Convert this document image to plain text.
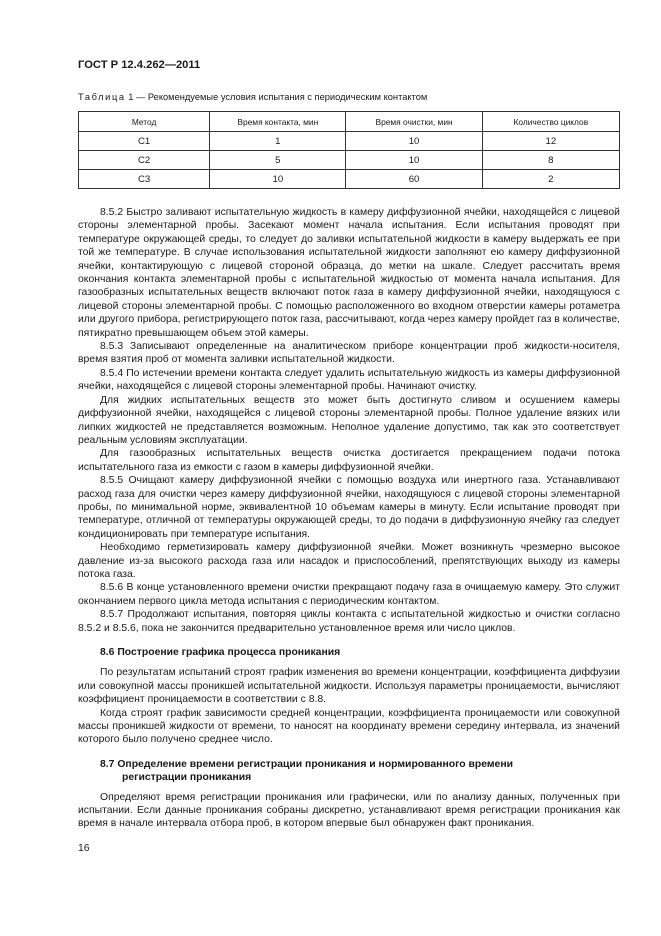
ГОСТ Р 12.4.262—2011
Таблица 1 — Рекомендуемые условия испытания с периодическим контактом
Метод	Время контакта, мин	Время очистки, мин	Количество циклов
С1	1	10	12
С2	5	10	8
С3	10	60	2

8.5.2 Быстро заливают испытательную жидкость в камеру диффузионной ячейки, находящейся с лицевой стороны элементарной пробы. Засекают момент начала испытания. Если испытания проводят при температуре окружающей среды, то следует до заливки испытательной жидкости в камеру выдержать ее при той же температуре. В случае использования испытательной жидкости заполняют ею камеру диффузионной ячейки, контактирующую с лицевой стороной образца, до метки на шкале. Следует рассчитать время окончания контакта элементарной пробы с испытательной жидкостью от момента начала испытания. Для газообразных испытательных веществ включают поток газа в камеру диффузионной ячейки, находящуюся с лицевой стороны элементарной пробы. С помощью расположенного во входном отверстии камеры ротаметра или другого прибора, регистрирующего поток газа, рассчитывают, когда через камеру пройдет газ в количестве, пятикратно превышающем объем этой камеры.

8.5.3 Записывают определенные на аналитическом приборе концентрации проб жидкости-носителя, время взятия проб от момента заливки испытательной жидкости.

8.5.4 По истечении времени контакта следует удалить испытательную жидкость из камеры диффузионной ячейки, находящейся с лицевой стороны элементарной пробы. Начинают очистку.

Для жидких испытательных веществ это может быть достигнуто сливом и осушением камеры диффузионной ячейки, находящейся с лицевой стороны элементарной пробы. Полное удаление вязких или липких жидкостей не представляется возможным. Неполное удаление допустимо, так как это соответствует реальным условиям эксплуатации.

Для газообразных испытательных веществ очистка достигается прекращением подачи потока испытательного газа из емкости с газом в камеры диффузионной ячейки.

8.5.5 Очищают камеру диффузионной ячейки с помощью воздуха или инертного газа. Устанавливают расход газа для очистки через камеру диффузионной ячейки, находящуюся с лицевой стороны элементарной пробы, по минимальной норме, эквивалентной 10 объемам камеры в минуту. Если испытание проводят при температуре, отличной от температуры окружающей среды, то до подачи в диффузионную ячейку газ следует кондиционировать при температуре испытания.

Необходимо герметизировать камеру диффузионной ячейки. Может возникнуть чрезмерно высокое давление из-за высокого расхода газа или насадок и приспособлений, препятствующих выходу из камеры потока газа.

8.5.6 В конце установленного времени очистки прекращают подачу газа в очищаемую камеру. Это служит окончанием первого цикла метода испытания с периодическим контактом.

8.5.7 Продолжают испытания, повторяя циклы контакта с испытательной жидкостью и очистки согласно 8.5.2 и 8.5.6, пока не закончится предварительно установленное время или число циклов.

8.6 Построение графика процесса проникания

По результатам испытаний строят график изменения во времени концентрации, коэффициента диффузии или совокупной массы проникшей испытательной жидкости. Используя параметры проницаемости, вычисляют коэффициент проницаемости в соответствии с 8.8.

Когда строят график зависимости средней концентрации, коэффициента проницаемости или совокупной массы проникшей жидкости от времени, то наносят на координату времени середину интервала, из значений которого было получено среднее число.

8.7 Определение времени регистрации проникания и нормированного времени
регистрации проникания

Определяют время регистрации проникания или графически, или по анализу данных, полученных при испытании. Если данные проникания собраны дискретно, устанавливают время регистрации проникания как время в начале интервала отбора проб, в котором впервые был обнаружен факт проникания.

16
